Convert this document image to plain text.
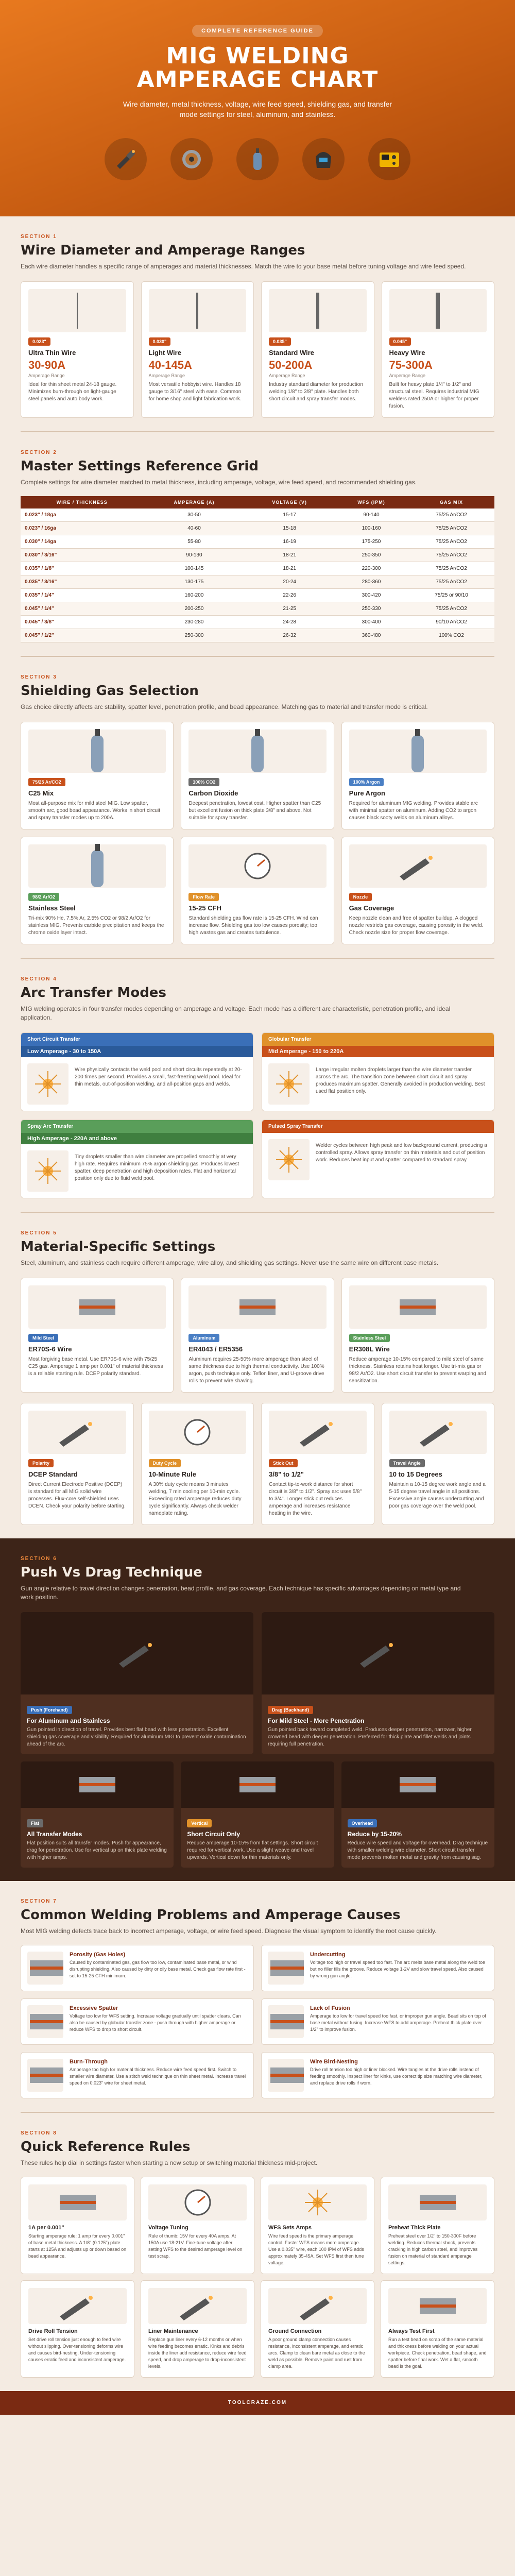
COMPLETE REFERENCE GUIDE
MIG WELDING
AMPERAGE CHART

Wire diameter, metal thickness, voltage, wire feed speed, shielding gas, and transfer mode settings for steel, aluminum, and stainless.

SECTION 1
Wire Diameter and Amperage Ranges
Each wire diameter handles a specific range of amperages and material thicknesses. Match the wire to your base metal before tuning voltage and wire feed speed.
0.023"
Ultra Thin Wire
30-90A
Amperage Range

Ideal for thin sheet metal 24-18 gauge. Minimizes burn-through on light-gauge steel panels and auto body work.

0.030"
Light Wire
40-145A
Amperage Range

Most versatile hobbyist wire. Handles 18 gauge to 3/16" steel with ease. Common for home shop and light fabrication work.

0.035"
Standard Wire
50-200A
Amperage Range

Industry standard diameter for production welding 1/8" to 3/8" plate. Handles both short circuit and spray transfer modes.

0.045"
Heavy Wire
75-300A
Amperage Range

Built for heavy plate 1/4" to 1/2" and structural steel. Requires industrial MIG welders rated 250A or higher for proper fusion.

SECTION 2
Master Settings Reference Grid
Complete settings for wire diameter matched to metal thickness, including amperage, voltage, wire feed speed, and recommended shielding gas.
WIRE / THICKNESS	AMPERAGE (A)	VOLTAGE (V)	WFS (IPM)	GAS MIX
0.023" / 18ga	30-50	15-17	90-140	75/25 Ar/CO2
0.023" / 16ga	40-60	15-18	100-160	75/25 Ar/CO2
0.030" / 14ga	55-80	16-19	175-250	75/25 Ar/CO2
0.030" / 3/16"	90-130	18-21	250-350	75/25 Ar/CO2
0.035" / 1/8"	100-145	18-21	220-300	75/25 Ar/CO2
0.035" / 3/16"	130-175	20-24	280-360	75/25 Ar/CO2
0.035" / 1/4"	160-200	22-26	300-420	75/25 or 90/10
0.045" / 1/4"	200-250	21-25	250-330	75/25 Ar/CO2
0.045" / 3/8"	230-280	24-28	300-400	90/10 Ar/CO2
0.045" / 1/2"	250-300	26-32	360-480	100% CO2
SECTION 3
Shielding Gas Selection
Gas choice directly affects arc stability, spatter level, penetration profile, and bead appearance. Matching gas to material and transfer mode is critical.
75/25 Ar/CO2
C25 Mix

Most all-purpose mix for mild steel MIG. Low spatter, smooth arc, good bead appearance. Works in short circuit and spray transfer modes up to 200A.

100% CO2
Carbon Dioxide

Deepest penetration, lowest cost. Higher spatter than C25 but excellent fusion on thick plate 3/8" and above. Not suitable for spray transfer.

100% Argon
Pure Argon

Required for aluminum MIG welding. Provides stable arc with minimal spatter on aluminum. Adding CO2 to argon causes black sooty welds on aluminum alloys.

98/2 Ar/O2
Stainless Steel

Tri-mix 90% He, 7.5% Ar, 2.5% CO2 or 98/2 Ar/O2 for stainless MIG. Prevents carbide precipitation and keeps the chrome oxide layer intact.

Flow Rate
15-25 CFH

Standard shielding gas flow rate is 15-25 CFH. Wind can increase flow. Shielding gas too low causes porosity; too high wastes gas and creates turbulence.

Nozzle
Gas Coverage

Keep nozzle clean and free of spatter buildup. A clogged nozzle restricts gas coverage, causing porosity in the weld. Check nozzle size for proper flow coverage.

SECTION 4
Arc Transfer Modes
MIG welding operates in four transfer modes depending on amperage and voltage. Each mode has a different arc characteristic, penetration profile, and ideal application.
Short Circuit Transfer
Low Amperage - 30 to 150A

Wire physically contacts the weld pool and short circuits repeatedly at 20-200 times per second. Provides a small, fast-freezing weld pool. Ideal for thin metals, out-of-position welding, and all-position gaps and welds.

Globular Transfer
Mid Amperage - 150 to 220A

Large irregular molten droplets larger than the wire diameter transfer across the arc. The transition zone between short circuit and spray produces maximum spatter. Generally avoided in production welding. Best used flat position only.

Spray Arc Transfer
High Amperage - 220A and above

Tiny droplets smaller than wire diameter are propelled smoothly at very high rate. Requires minimum 75% argon shielding gas. Produces lowest spatter, deep penetration and high deposition rates. Flat and horizontal position only due to fluid weld pool.

Pulsed Spray Transfer

Welder cycles between high peak and low background current, producing a controlled spray. Allows spray transfer on thin materials and out of position work. Reduces heat input and spatter compared to standard spray.

SECTION 5
Material-Specific Settings
Steel, aluminum, and stainless each require different amperage, wire alloy, and shielding gas settings. Never use the same wire on different base metals.
Mild Steel
ER70S-6 Wire

Most forgiving base metal. Use ER70S-6 wire with 75/25 C25 gas. Amperage 1 amp per 0.001" of material thickness is a reliable starting rule. DCEP polarity standard.

Aluminum
ER4043 / ER5356

Aluminum requires 25-50% more amperage than steel of same thickness due to high thermal conductivity. Use 100% argon, push technique only. Teflon liner, and U-groove drive rolls to prevent wire shaving.

Stainless Steel
ER308L Wire

Reduce amperage 10-15% compared to mild steel of same thickness. Stainless retains heat longer. Use tri-mix gas or 98/2 Ar/O2. Use short circuit transfer to prevent warping and sensitization.

Polarity
DCEP Standard

Direct Current Electrode Positive (DCEP) is standard for all MIG solid wire processes. Flux-core self-shielded uses DCEN. Check your polarity before starting.

Duty Cycle
10-Minute Rule

A 30% duty cycle means 3 minutes welding, 7 min cooling per 10-min cycle. Exceeding rated amperage reduces duty cycle significantly. Always check welder nameplate rating.

Stick Out
3/8" to 1/2"

Contact tip-to-work distance for short circuit is 3/8" to 1/2". Spray arc uses 5/8" to 3/4". Longer stick out reduces amperage and increases resistance heating in the wire.

Travel Angle
10 to 15 Degrees

Maintain a 10-15 degree work angle and a 5-15 degree travel angle in all positions. Excessive angle causes undercutting and poor gas coverage over the weld pool.

SECTION 6
Push Vs Drag Technique
Gun angle relative to travel direction changes penetration, bead profile, and gas coverage. Each technique has specific advantages depending on metal type and work position.
Push (Forehand)
For Aluminum and Stainless

Gun pointed in direction of travel. Provides best flat bead with less penetration. Excellent shielding gas coverage and visibility. Required for aluminum MIG to prevent oxide contamination ahead of the arc.

Drag (Backhand)
For Mild Steel - More Penetration

Gun pointed back toward completed weld. Produces deeper penetration, narrower, higher crowned bead with deeper penetration. Preferred for thick plate and fillet welds and joints requiring full penetration.

Flat
All Transfer Modes

Flat position suits all transfer modes. Push for appearance, drag for penetration. Use for vertical up on thick plate welding with higher amps.

Vertical
Short Circuit Only

Reduce amperage 10-15% from flat settings. Short circuit required for vertical work. Use a slight weave and travel upwards. Vertical down for thin materials only.

Overhead
Reduce by 15-20%

Reduce wire speed and voltage for overhead. Drag technique with smaller welding wire diameter. Short circuit transfer mode prevents molten metal and gravity from causing sag.

SECTION 7
Common Welding Problems and Amperage Causes
Most MIG welding defects trace back to incorrect amperage, voltage, or wire feed speed. Diagnose the visual symptom to identify the root cause quickly.
Porosity (Gas Holes)

Caused by contaminated gas, gas flow too low, contaminated base metal, or wind disrupting shielding. Also caused by dirty or oily base metal. Check gas flow rate first - set to 15-25 CFH minimum.

Undercutting

Voltage too high or travel speed too fast. The arc melts base metal along the weld toe but no filler fills the groove. Reduce voltage 1-2V and slow travel speed. Also caused by wrong gun angle.

Excessive Spatter

Voltage too low for WFS setting. Increase voltage gradually until spatter clears. Can also be caused by globular transfer zone - push through with higher amperage or reduce WFS to drop to short circuit.

Lack of Fusion

Amperage too low for travel speed too fast, or improper gun angle. Bead sits on top of base metal without fusing. Increase WFS to add amperage. Preheat thick plate over 1/2" to improve fusion.

Burn-Through

Amperage too high for material thickness. Reduce wire feed speed first. Switch to smaller wire diameter. Use a stitch weld technique on thin sheet metal. Increase travel speed on 0.023" wire for sheet metal.

Wire Bird-Nesting

Drive roll tension too high or liner blocked. Wire tangles at the drive rolls instead of feeding smoothly. Inspect liner for kinks, use correct tip size matching wire diameter, and replace drive rolls if worn.

SECTION 8
Quick Reference Rules
These rules help dial in settings faster when starting a new setup or switching material thickness mid-project.
1A per 0.001"

Starting amperage rule: 1 amp for every 0.001" of base metal thickness. A 1/8" (0.125") plate starts at 125A and adjusts up or down based on bead appearance.

Voltage Tuning

Rule of thumb: 15V for every 40A amps. At 150A use 18-21V. Fine-tune voltage after setting WFS to the desired amperage level on test scrap.

WFS Sets Amps

Wire feed speed is the primary amperage control. Faster WFS means more amperage. Use a 0.035" wire, each 100 IPM of WFS adds approximately 35-45A. Set WFS first then tune voltage.

Preheat Thick Plate

Preheat steel over 1/2" to 150-300F before welding. Reduces thermal shock, prevents cracking in high carbon steel, and improves fusion on material of standard amperage settings.

Drive Roll Tension

Set drive roll tension just enough to feed wire without slipping. Over-tensioning deforms wire and causes bird-nesting. Under-tensioning causes erratic feed and inconsistent amperage.

Liner Maintenance

Replace gun liner every 6-12 months or when wire feeding becomes erratic. Kinks and debris inside the liner add resistance, reduce wire feed speed, and drop amperage to drop-inconsistent levels.

Ground Connection

A poor ground clamp connection causes resistance, inconsistent amperage, and erratic arcs. Clamp to clean bare metal as close to the weld as possible. Remove paint and rust from clamp area.

Always Test First

Run a test bead on scrap of the same material and thickness before welding on your actual workpiece. Check penetration, bead shape, and spatter before final work. Wet a flat, smooth bead is the goal.

TOOLCRAZE.COM
